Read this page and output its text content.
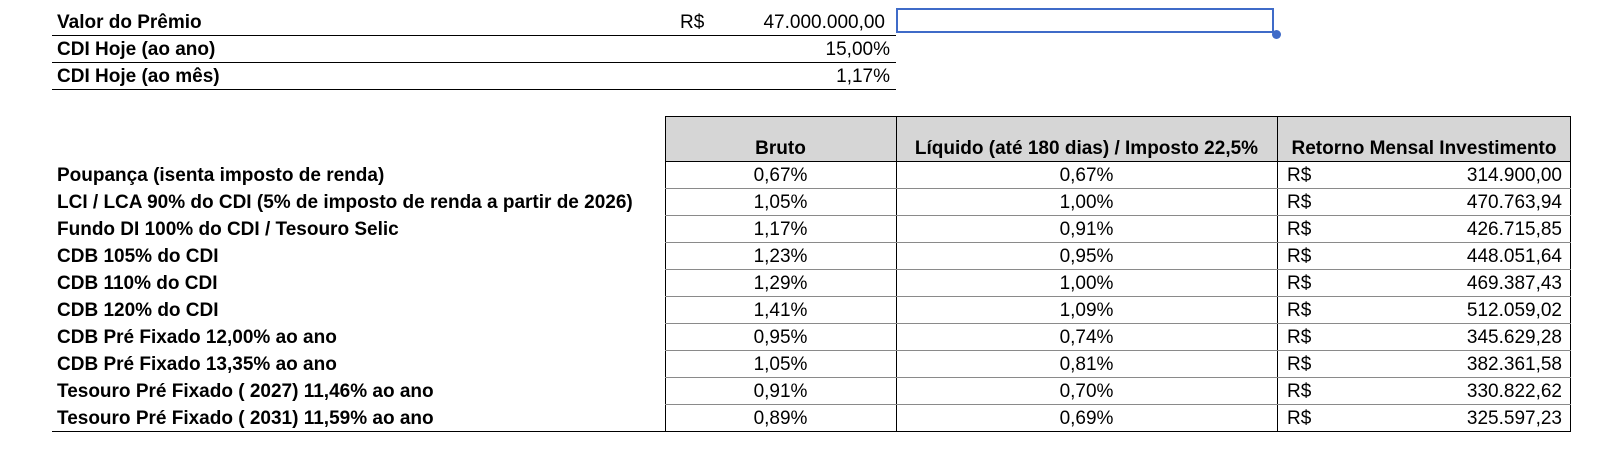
Valor do Prêmio	R$	47.000.000,00
CDI Hoje (ao ano)	15,00%
CDI Hoje (ao mês)	1,17%
Bruto	Líquido (até 180 dias) / Imposto 22,5%	Retorno Mensal Investimento
Poupança (isenta imposto de renda)	0,67%	0,67%	R$	314.900,00
LCI / LCA 90% do CDI (5% de imposto de renda a partir de 2026)	1,05%	1,00%	R$	470.763,94
Fundo DI 100% do CDI / Tesouro Selic	1,17%	0,91%	R$	426.715,85
CDB 105% do CDI	1,23%	0,95%	R$	448.051,64
CDB 110% do CDI	1,29%	1,00%	R$	469.387,43
CDB 120% do CDI	1,41%	1,09%	R$	512.059,02
CDB Pré Fixado 12,00% ao ano	0,95%	0,74%	R$	345.629,28
CDB Pré Fixado 13,35% ao ano	1,05%	0,81%	R$	382.361,58
Tesouro Pré Fixado ( 2027) 11,46% ao ano	0,91%	0,70%	R$	330.822,62
Tesouro Pré Fixado ( 2031) 11,59% ao ano	0,89%	0,69%	R$	325.597,23
